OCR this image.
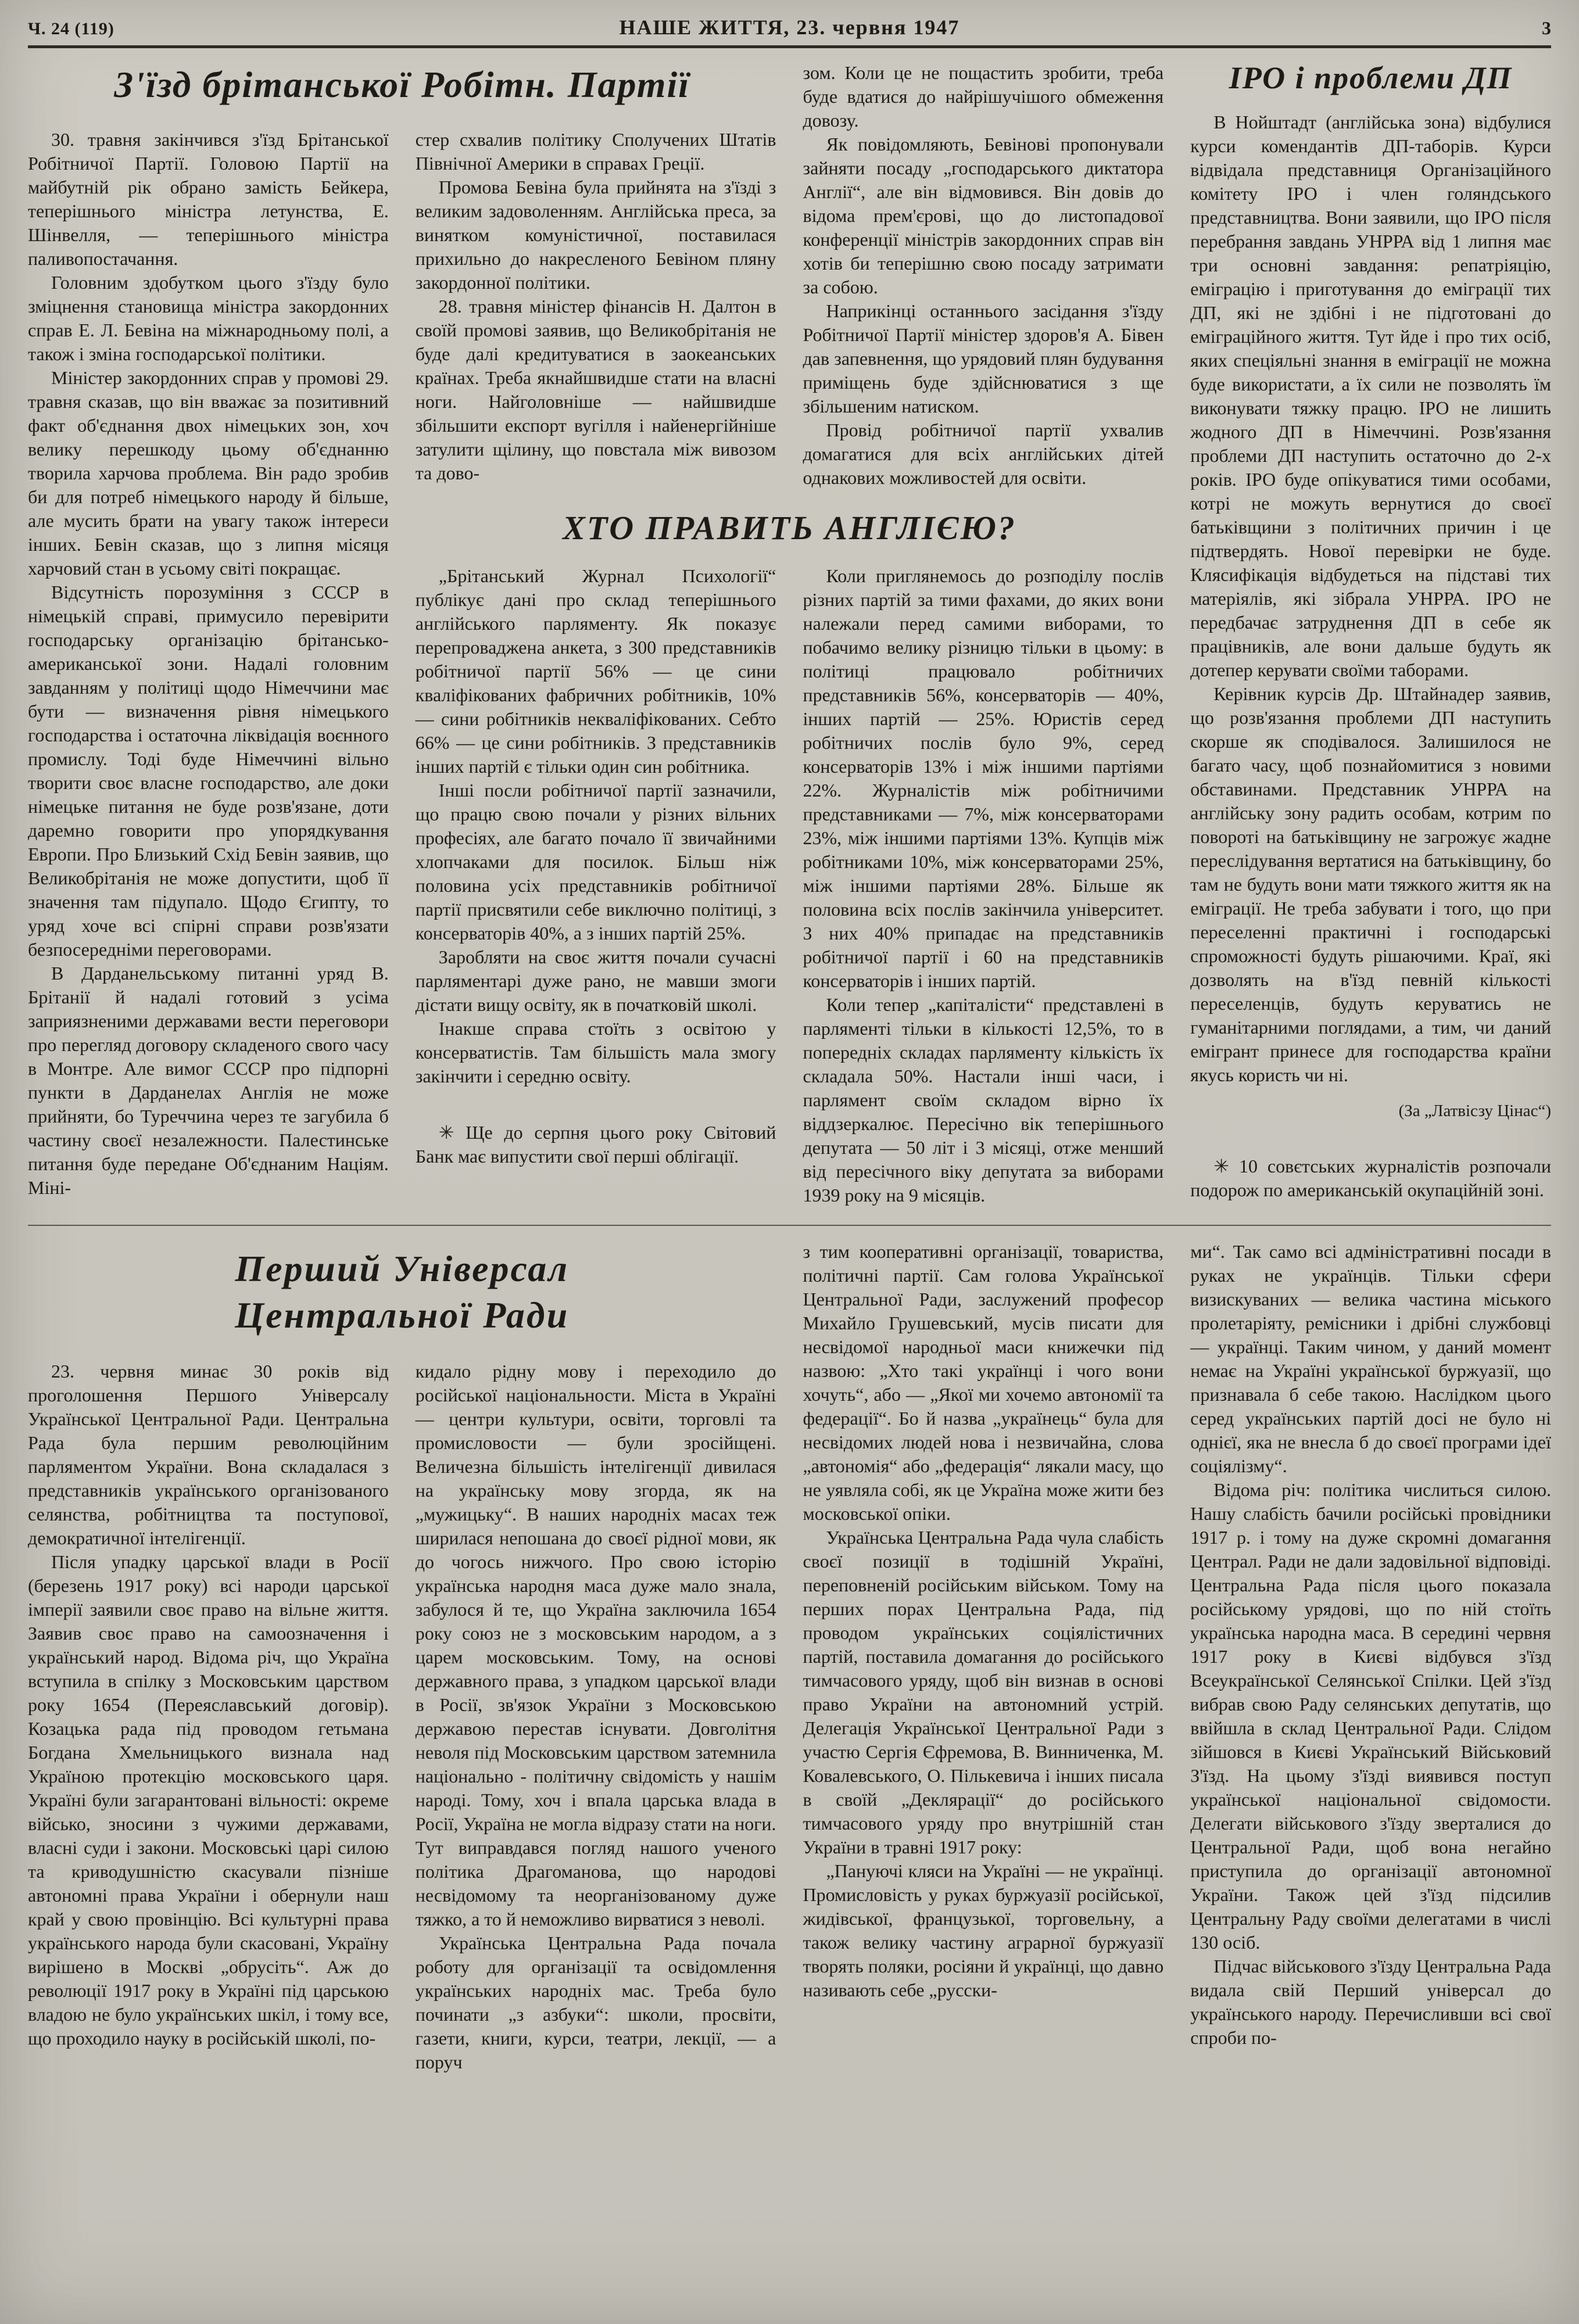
Ч. 24 (119)	НАШЕ ЖИТТЯ, 23. червня 1947	3
З'їзд брітанської Робітн. Партії

30. травня закінчився з'їзд Брітанської Робітничої Партії. Головою Партії на майбутній рік обрано замість Бейкера, теперішнього міністра летунства, Е. Шінвелля, — теперішнього міністра паливопостачання.

Головним здобутком цього з'їзду було зміцнення становища міністра закордонних справ Е. Л. Бевіна на міжнародньому полі, а також і зміна господарської політики.

Міністер закордонних справ у промові 29. травня сказав, що він вважає за позитивний факт об'єднання двох німецьких зон, хоч велику перешкоду цьому об'єднанню творила харчова проблема. Він радо зробив би для потреб німецького народу й більше, але мусить брати на увагу також інтереси інших. Бевін сказав, що з липня місяця харчовий стан в усьому світі покращає.

Відсутність порозуміння з СССР в німецькій справі, примусило перевірити господарську організацію брітансько-американської зони. Надалі головним завданням у політиці щодо Німеччини має бути — визначення рівня німецького господарства і остаточна ліквідація воєнного промислу. Тоді буде Німеччині вільно творити своє власне господарство, але доки німецьке питання не буде розв'язане, доти даремно говорити про упорядкування Европи. Про Близький Схід Бевін заявив, що Великобрітанія не може допустити, щоб її значення там підупало. Щодо Єгипту, то уряд хоче всі спірні справи розв'язати безпосередніми переговорами.

В Дарданельському питанні уряд В. Брітанії й надалі готовий з усіма заприязненими державами вести переговори про перегляд договору складеного свого часу в Монтре. Але вимог СССР про підпорні пункти в Дарданелах Англія не може прийняти, бо Туреччина через те загубила б частину своєї незалежности. Палестинське питання буде передане Об'єднаним Націям. Міні-

стер схвалив політику Сполучених Штатів Північної Америки в справах Греції.

Промова Бевіна була прийнята на з'їзді з великим задоволенням. Англійська преса, за винятком комуністичної, поставилася прихильно до накресленого Бевіном пляну закордонної політики.

28. травня міністер фінансів Н. Далтон в своїй промові заявив, що Великобрітанія не буде далі кредитуватися в заокеанських країнах. Треба якнайшвидше стати на власні ноги. Найголовніше — найшвидше збільшити експорт вугілля і найенергійніше затулити щілину, що повстала між вивозом та дово-

зом. Коли це не пощастить зробити, треба буде вдатися до найрішучішого обмеження довозу.

Як повідомляють, Бевінові пропонували зайняти посаду „господарського диктатора Англії“, але він відмовився. Він довів до відома прем'єрові, що до листопадової конференції міністрів закордонних справ він хотів би теперішню свою посаду затримати за собою.

Наприкінці останнього засідання з'їзду Робітничої Партії міністер здоров'я А. Бівен дав запевнення, що урядовий плян будування приміщень буде здійснюватися з ще збільшеним натиском.

Провід робітничої партії ухвалив домагатися для всіх англійських дітей однакових можливостей для освіти.

ХТО ПРАВИТЬ АНГЛІЄЮ?

„Брітанський Журнал Психології“ публікує дані про склад теперішнього англійського парляменту. Як показує перепроваджена анкета, з 300 представників робітничої партії 56% — це сини кваліфікованих фабричних робітників, 10% — сини робітників некваліфікованих. Себто 66% — це сини робітників. З представників інших партій є тільки один син робітника.

Інші посли робітничої партії зазначили, що працю свою почали у різних вільних професіях, але багато почало її звичайними хлопчаками для посилок. Більш ніж половина усіх представників робітничої партії присвятили себе виключно політиці, з консерваторів 40%, а з інших партій 25%.

Заробляти на своє життя почали сучасні парляментарі дуже рано, не мавши змоги дістати вищу освіту, як в початковій школі.

Інакше справа стоїть з освітою у консерватистів. Там більшість мала змогу закінчити і середню освіту.

✳ Ще до серпня цього року Світовий Банк має випустити свої перші облігації.

Коли приглянемось до розподілу послів різних партій за тими фахами, до яких вони належали перед самими виборами, то побачимо велику різницю тільки в цьому: в політиці працювало робітничих представників 56%, консерваторів — 40%, інших партій — 25%. Юристів серед робітничих послів було 9%, серед консерваторів 13% і між іншими партіями 22%. Журналістів між робітничими представниками — 7%, між консерваторами 23%, між іншими партіями 13%. Купців між робітниками 10%, між консерваторами 25%, між іншими партіями 28%. Більше як половина всіх послів закінчила університет. З них 40% припадає на представників робітничої партії і 60 на представників консерваторів і інших партій.

Коли тепер „капіталісти“ представлені в парляменті тільки в кількості 12,5%, то в попередніх складах парляменту кількість їх складала 50%. Настали інші часи, і парлямент своїм складом вірно їх віддзеркалює. Пересічно вік теперішнього депутата — 50 літ і 3 місяці, отже менший від пересічного віку депутата за виборами 1939 року на 9 місяців.

ІРО і проблеми ДП

В Нойштадт (англійська зона) відбулися курси комендантів ДП-таборів. Курси відвідала представниця Організаційного комітету ІРО і член голяндського представництва. Вони заявили, що ІРО після перебрання завдань УНРРА від 1 липня має три основні завдання: репатріяцію, еміграцію і приготування до еміграції тих ДП, які не здібні і не підготовані до еміграційного життя. Тут йде і про тих осіб, яких спеціяльні знання в еміграції не можна буде використати, а їх сили не позволять їм виконувати тяжку працю. ІРО не лишить жодного ДП в Німеччині. Розв'язання проблеми ДП наступить остаточно до 2-х років. ІРО буде опікуватися тими особами, котрі не можуть вернутися до своєї батьківщини з політичних причин і це підтвердять. Нової перевірки не буде. Клясифікація відбудеться на підставі тих матеріялів, які зібрала УНРРА. ІРО не передбачає затруднення ДП в себе як працівників, але вони дальше будуть як дотепер керувати своїми таборами.

Керівник курсів Др. Штайнадер заявив, що розв'язання проблеми ДП наступить скорше як сподівалося. Залишилося не багато часу, щоб познайомитися з новими обставинами. Представник УНРРА на англійську зону радить особам, котрим по повороті на батьківщину не загрожує жадне переслідування вертатися на батьківщину, бо там не будуть вони мати тяжкого життя як на еміграції. Не треба забувати і того, що при переселенні практичні і господарські спроможності будуть рішаючими. Краї, які дозволять на в'їзд певній кількості переселенців, будуть керуватись не гуманітарними поглядами, а тим, чи даний емігрант принесе для господарства країни якусь користь чи ні.

(За „Латвісзу Цінас“)

✳ 10 совєтських журналістів розпочали подорож по американській окупаційній зоні.

Перший Універсал
Центральної Ради

23. червня минає 30 років від проголошення Першого Універсалу Української Центральної Ради. Центральна Рада була першим революційним парляментом України. Вона складалася з представників українського організованого селянства, робітництва та поступової, демократичної інтелігенції.

Після упадку царської влади в Росії (березень 1917 року) всі народи царської імперії заявили своє право на вільне життя. Заявив своє право на самоозначення і український народ. Відома річ, що Україна вступила в спілку з Московським царством року 1654 (Переяславський договір). Козацька рада під проводом гетьмана Богдана Хмельницького визнала над Україною протекцію московського царя. Україні були загарантовані вільності: окреме військо, зносини з чужими державами, власні суди і закони. Московські царі силою та криводушністю скасували пізніше автономні права України і обернули наш край у свою провінцію. Всі культурні права українського народа були скасовані, Україну вирішено в Москві „обрусіть“. Аж до революції 1917 року в Україні під царською владою не було українських шкіл, і тому все, що проходило науку в російській школі, по-

кидало рідну мову і переходило до російської національности. Міста в Україні — центри культури, освіти, торговлі та промисловости — були зросійщені. Величезна більшість інтелігенції дивилася на українську мову згорда, як на „мужицьку“. В наших народніх масах теж ширилася непошана до своєї рідної мови, як до чогось нижчого. Про свою історію українська народня маса дуже мало знала, забулося й те, що Україна заключила 1654 року союз не з московським народом, а з царем московським. Тому, на основі державного права, з упадком царської влади в Росії, зв'язок України з Московською державою перестав існувати. Довголітня неволя під Московським царством затемнила національно - політичну свідомість у нашім народі. Тому, хоч і впала царська влада в Росії, Україна не могла відразу стати на ноги. Тут виправдався погляд нашого ученого політика Драгоманова, що народові несвідомому та неорганізованому дуже тяжко, а то й неможливо вирватися з неволі.

Українська Центральна Рада почала роботу для організації та освідомлення українських народніх мас. Треба було починати „з азбуки“: школи, просвіти, газети, книги, курси, театри, лекції, — а поруч

з тим кооперативні організації, товариства, політичні партії. Сам голова Української Центральної Ради, заслужений професор Михайло Грушевський, мусів писати для несвідомої народньої маси книжечки під назвою: „Хто такі українці і чого вони хочуть“, або — „Якої ми хочемо автономії та федерації“. Бо й назва „українець“ була для несвідомих людей нова і незвичайна, слова „автономія“ або „федерація“ лякали масу, що не уявляла собі, як це Україна може жити без московської опіки.

Українська Центральна Рада чула слабість своєї позиції в тодішній Україні, переповненій російським військом. Тому на перших порах Центральна Рада, під проводом українських соціялістичних партій, поставила домагання до російського тимчасового уряду, щоб він визнав в основі право України на автономний устрій. Делегація Української Центральної Ради з участю Сергія Єфремова, В. Винниченка, М. Ковалевського, О. Пількевича і інших писала в своїй „Деклярації“ до російського тимчасового уряду про внутрішній стан України в травні 1917 року:

„Пануючі кляси на Україні — не українці. Промисловість у руках буржуазії російської, жидівської, французької, торговельну, а також велику частину аграрної буржуазії творять поляки, росіяни й українці, що давно називають себе „русски-

ми“. Так само всі адміністративні посади в руках не українців. Тільки сфери визискуваних — велика частина міського пролетаріяту, ремісники і дрібні службовці — українці. Таким чином, у даний момент немає на Україні української буржуазії, що признавала б себе такою. Наслідком цього серед українських партій досі не було ні однієї, яка не внесла б до своєї програми ідеї соціялізму“.

Відома річ: політика числиться силою. Нашу слабість бачили російські провідники 1917 р. і тому на дуже скромні домагання Централ. Ради не дали задовільної відповіді. Центральна Рада після цього показала російському урядові, що по ній стоїть українська народна маса. В середині червня 1917 року в Києві відбувся з'їзд Всеукраїнської Селянської Спілки. Цей з'їзд вибрав свою Раду селянських депутатів, що ввійшла в склад Центральної Ради. Слідом зійшовся в Києві Український Військовий З'їзд. На цьому з'їзді виявився поступ української національної свідомости. Делегати військового з'їзду зверталися до Центральної Ради, щоб вона негайно приступила до організації автономної України. Також цей з'їзд підсилив Центральну Раду своїми делегатами в числі 130 осіб.

Підчас військового з'їзду Центральна Рада видала свій Перший універсал до українського народу. Перечисливши всі свої спроби по-
